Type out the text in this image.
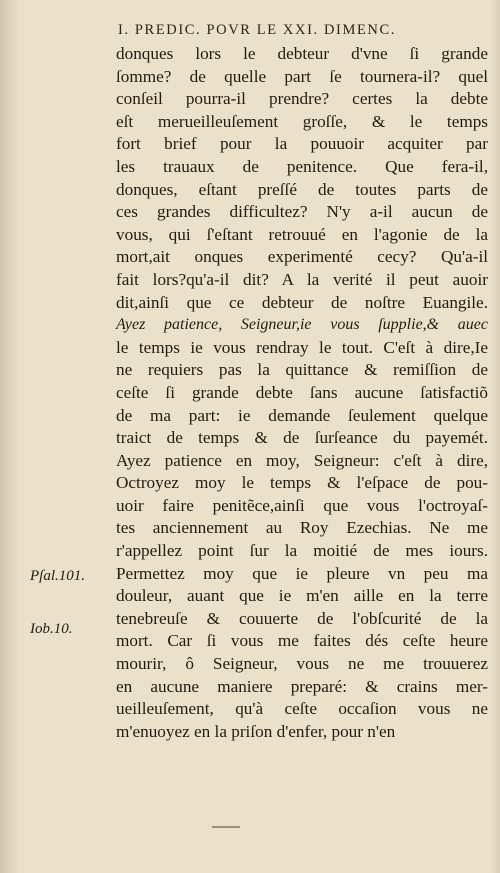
I. PREDIC. POVR LE XXI. DIMENC.
donques lors le debteur d'vne ſi grande
ſomme? de quelle part ſe tournera-il? quel
conſeil pourra-il prendre? certes la debte
eſt merueilleuſement groſſe, & le temps
fort brief pour la pouuoir acquiter par
les trauaux de penitence. Que fera-il,
donques, eſtant preſſé de toutes parts de
ces grandes difficultez? N'y a-il aucun de
vous, qui ſ'eſtant retrouué en l'agonie de la
mort,ait onques experimenté cecy? Qu'a-il
fait lors?qu'a-il dit? A la verité il peut auoir
dit,ainſi que ce debteur de noſtre Euangile.
Ayez patience, Seigneur,ie vous ſupplie,& auec
le temps ie vous rendray le tout. C'eſt à dire,Ie
ne requiers pas la quittance & remiſſion de
ceſte ſi grande debte ſans aucune ſatisfactiõ
de ma part: ie demande ſeulement quelque
traict de temps & de ſurſeance du payemét.
Ayez patience en moy, Seigneur: c'eſt à dire,
Octroyez moy le temps & l'eſpace de pou-
uoir faire penitẽce,ainſi que vous l'octroyaſ-
tes anciennement au Roy Ezechias. Ne me
r'appellez point ſur la moitié de mes iours.
Permettez moy que ie pleure vn peu ma
douleur, auant que ie m'en aille en la terre
tenebreuſe & couuerte de l'obſcurité de la
mort. Car ſi vous me faites dés ceſte heure
mourir, ô Seigneur, vous ne me trouuerez
en aucune maniere preparé: & crains mer-
ueilleuſement, qu'à ceſte occaſion vous ne
m'enuoyez en la priſon d'enfer, pour n'en
Pſal.101.
Iob.10.
